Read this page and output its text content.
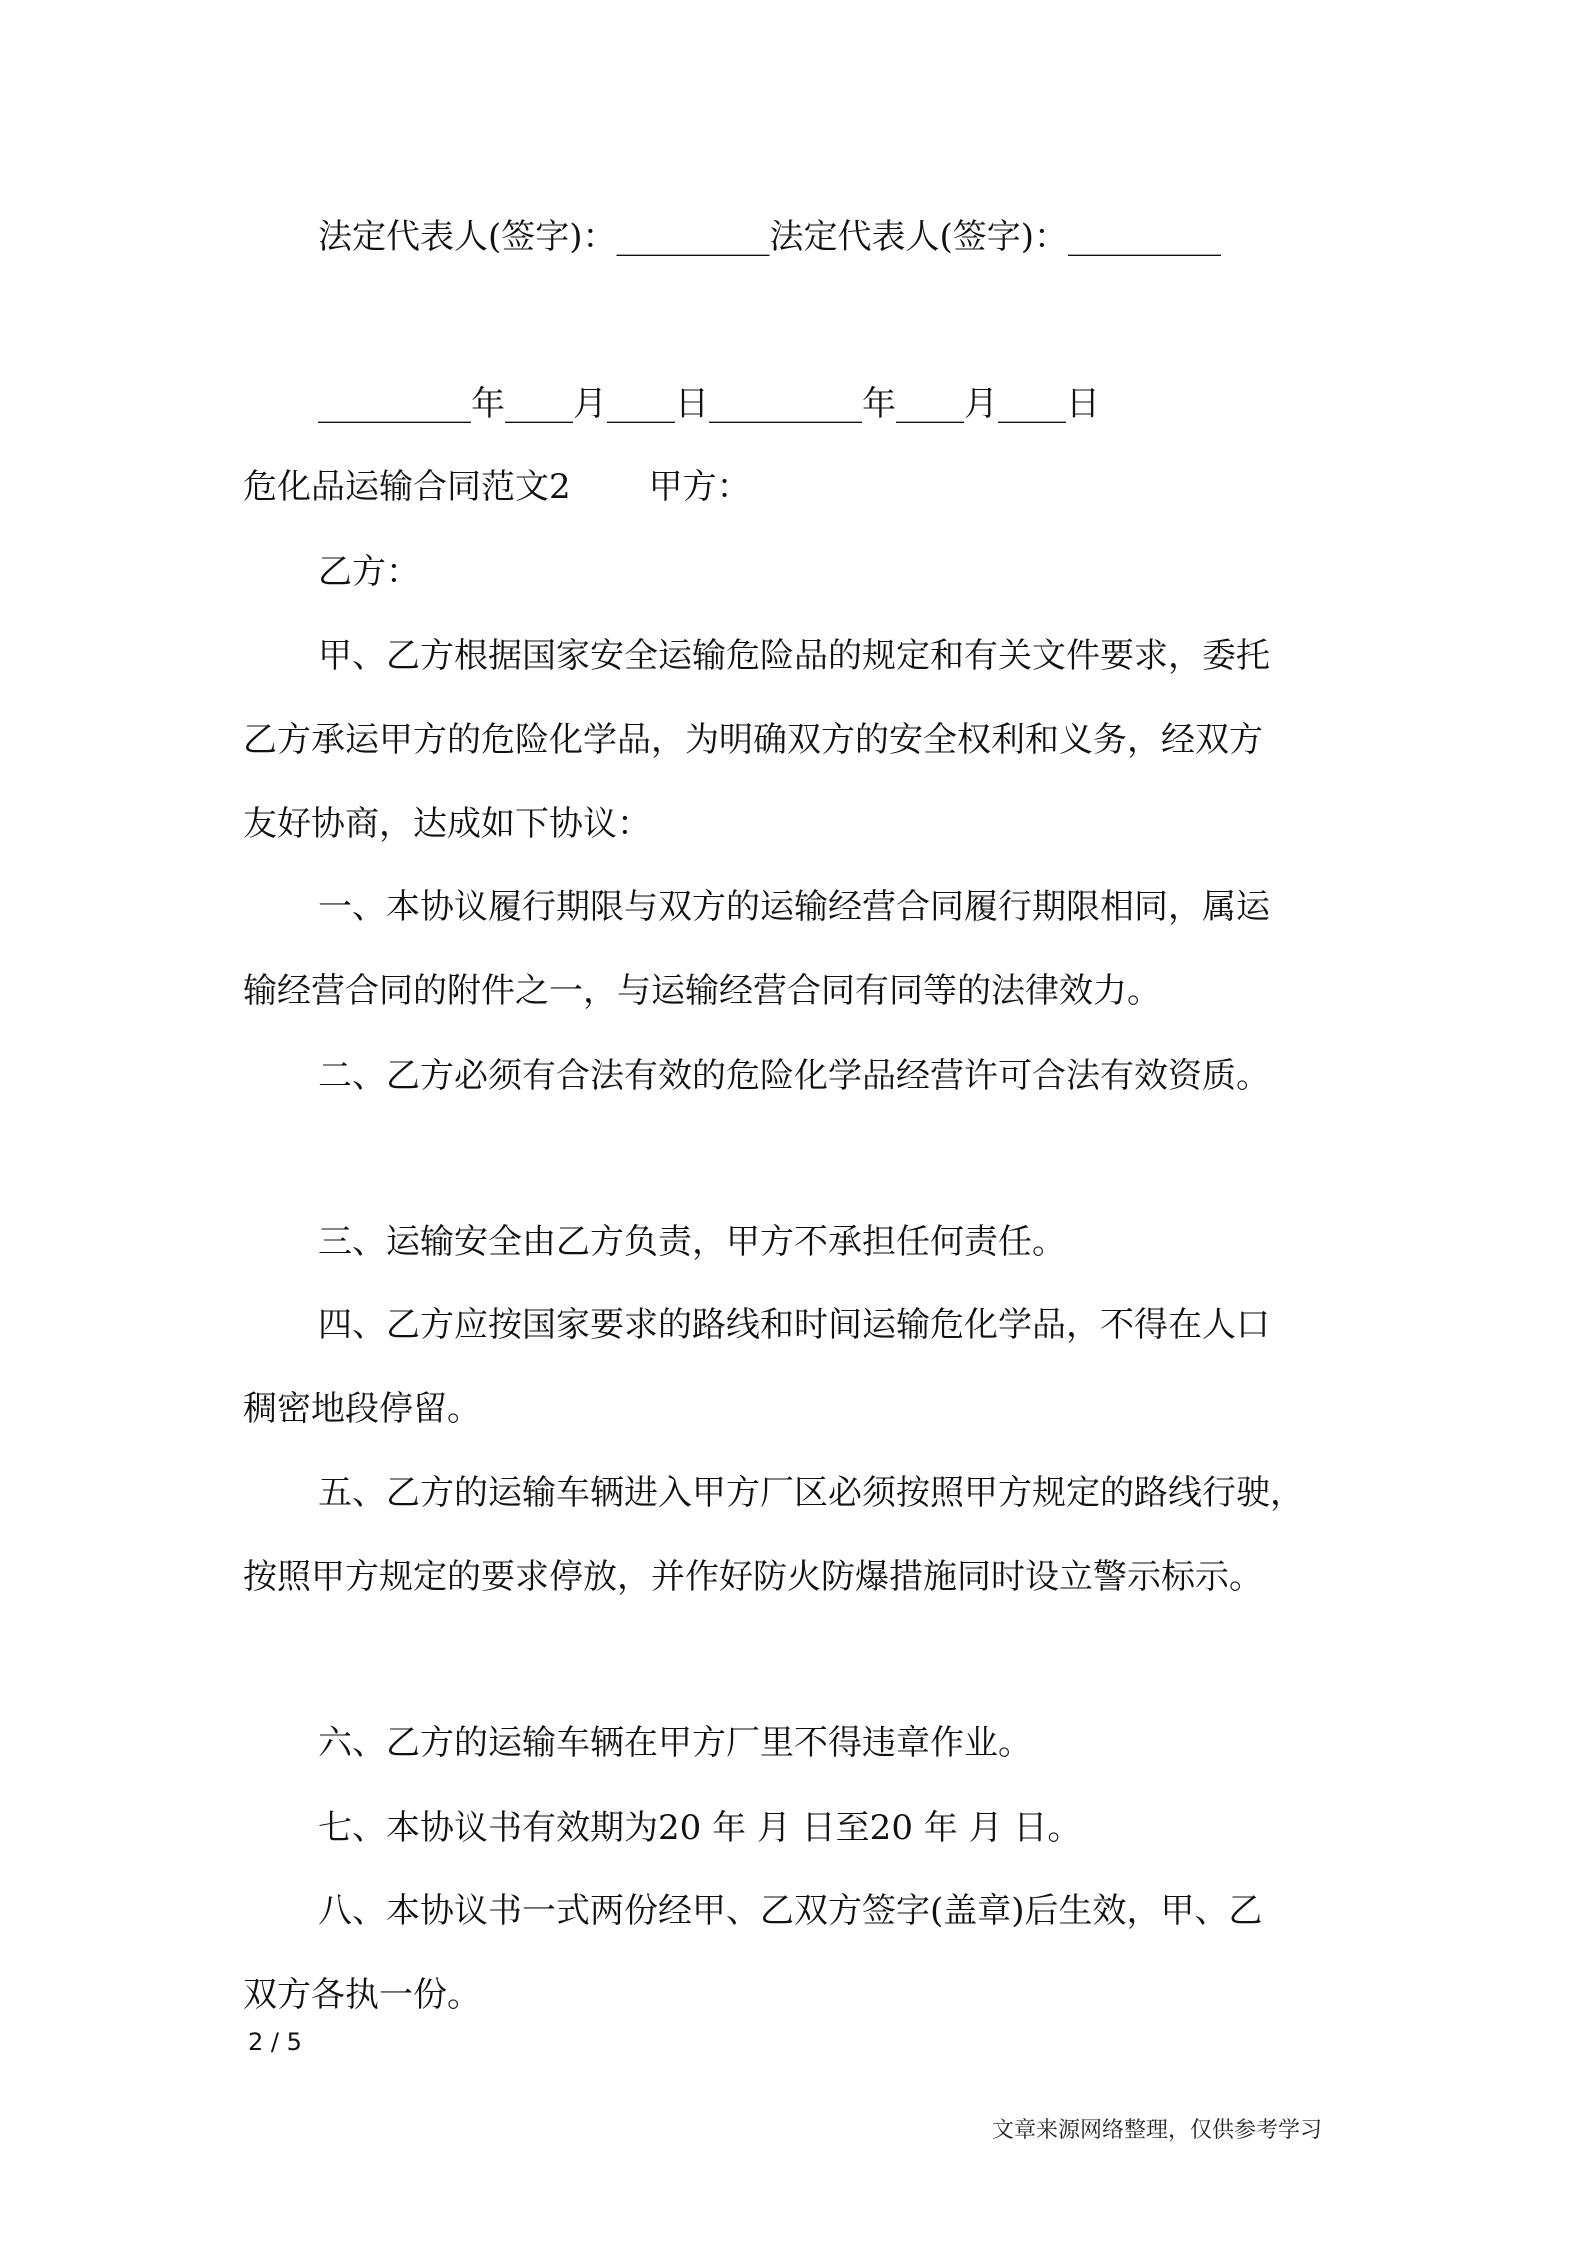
法定代表人(签字)：_________法定代表人(签字)：_________

_________年____月____日_________年____月____日

危化品运输合同范文2 甲方：

乙方：

甲、乙方根据国家安全运输危险品的规定和有关文件要求，委托

乙方承运甲方的危险化学品，为明确双方的安全权利和义务，经双方

友好协商，达成如下协议：

一、本协议履行期限与双方的运输经营合同履行期限相同，属运

输经营合同的附件之一，与运输经营合同有同等的法律效力。

二、乙方必须有合法有效的危险化学品经营许可合法有效资质。

三、运输安全由乙方负责，甲方不承担任何责任。

四、乙方应按国家要求的路线和时间运输危化学品，不得在人口

稠密地段停留。

五、乙方的运输车辆进入甲方厂区必须按照甲方规定的路线行驶，

按照甲方规定的要求停放，并作好防火防爆措施同时设立警示标示。

六、乙方的运输车辆在甲方厂里不得违章作业。

七、本协议书有效期为20 年 月 日至20 年 月 日。

八、本协议书一式两份经甲、乙双方签字(盖章)后生效，甲、乙

双方各执一份。

2 / 5
文章来源网络整理，仅供参考学习
